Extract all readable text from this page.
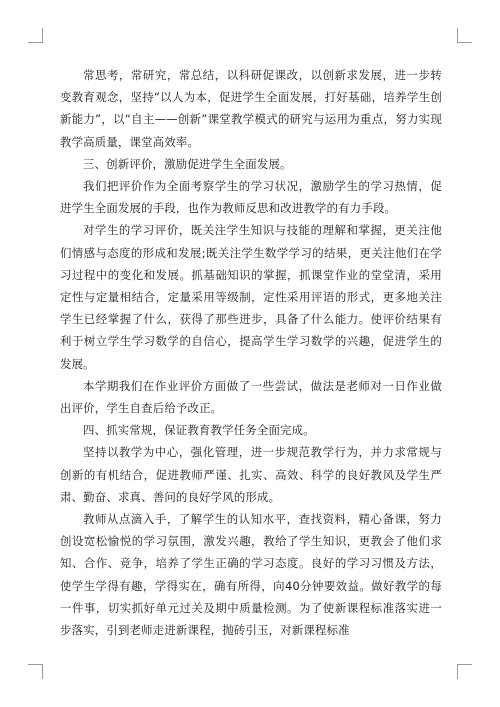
常思考，常研究，常总结，以科研促课改，以创新求发展，进一步转变教育观念，坚持“以人为本，促进学生全面发展，打好基础，培养学生创新能力”，以“自主——创新”课堂教学模式的研究与运用为重点，努力实现教学高质量，课堂高效率。

三、创新评价，激励促进学生全面发展。

我们把评价作为全面考察学生的学习状况，激励学生的学习热情，促进学生全面发展的手段，也作为教师反思和改进教学的有力手段。

对学生的学习评价，既关注学生知识与技能的理解和掌握，更关注他们情感与态度的形成和发展;既关注学生数学学习的结果，更关注他们在学习过程中的变化和发展。抓基础知识的掌握，抓课堂作业的堂堂清，采用定性与定量相结合，定量采用等级制，定性采用评语的形式，更多地关注学生已经掌握了什么，获得了那些进步，具备了什么能力。使评价结果有利于树立学生学习数学的自信心，提高学生学习数学的兴趣，促进学生的发展。

本学期我们在作业评价方面做了一些尝试，做法是老师对一日作业做出评价，学生自查后给予改正。

四、抓实常规，保证教育教学任务全面完成。

坚持以教学为中心，强化管理，进一步规范教学行为，并力求常规与创新的有机结合，促进教师严谨、扎实、高效、科学的良好教风及学生严肃、勤奋、求真、善问的良好学风的形成。

教师从点滴入手，了解学生的认知水平，查找资料，精心备课，努力创设宽松愉悦的学习氛围，激发兴趣，教给了学生知识，更教会了他们求知、合作、竞争，培养了学生正确的学习态度。良好的学习习惯及方法，使学生学得有趣，学得实在，确有所得，向40分钟要效益。做好教学的每一件事，切实抓好单元过关及期中质量检测。为了使新课程标准落实进一步落实，引到老师走进新课程，抛砖引玉，对新课程标准
